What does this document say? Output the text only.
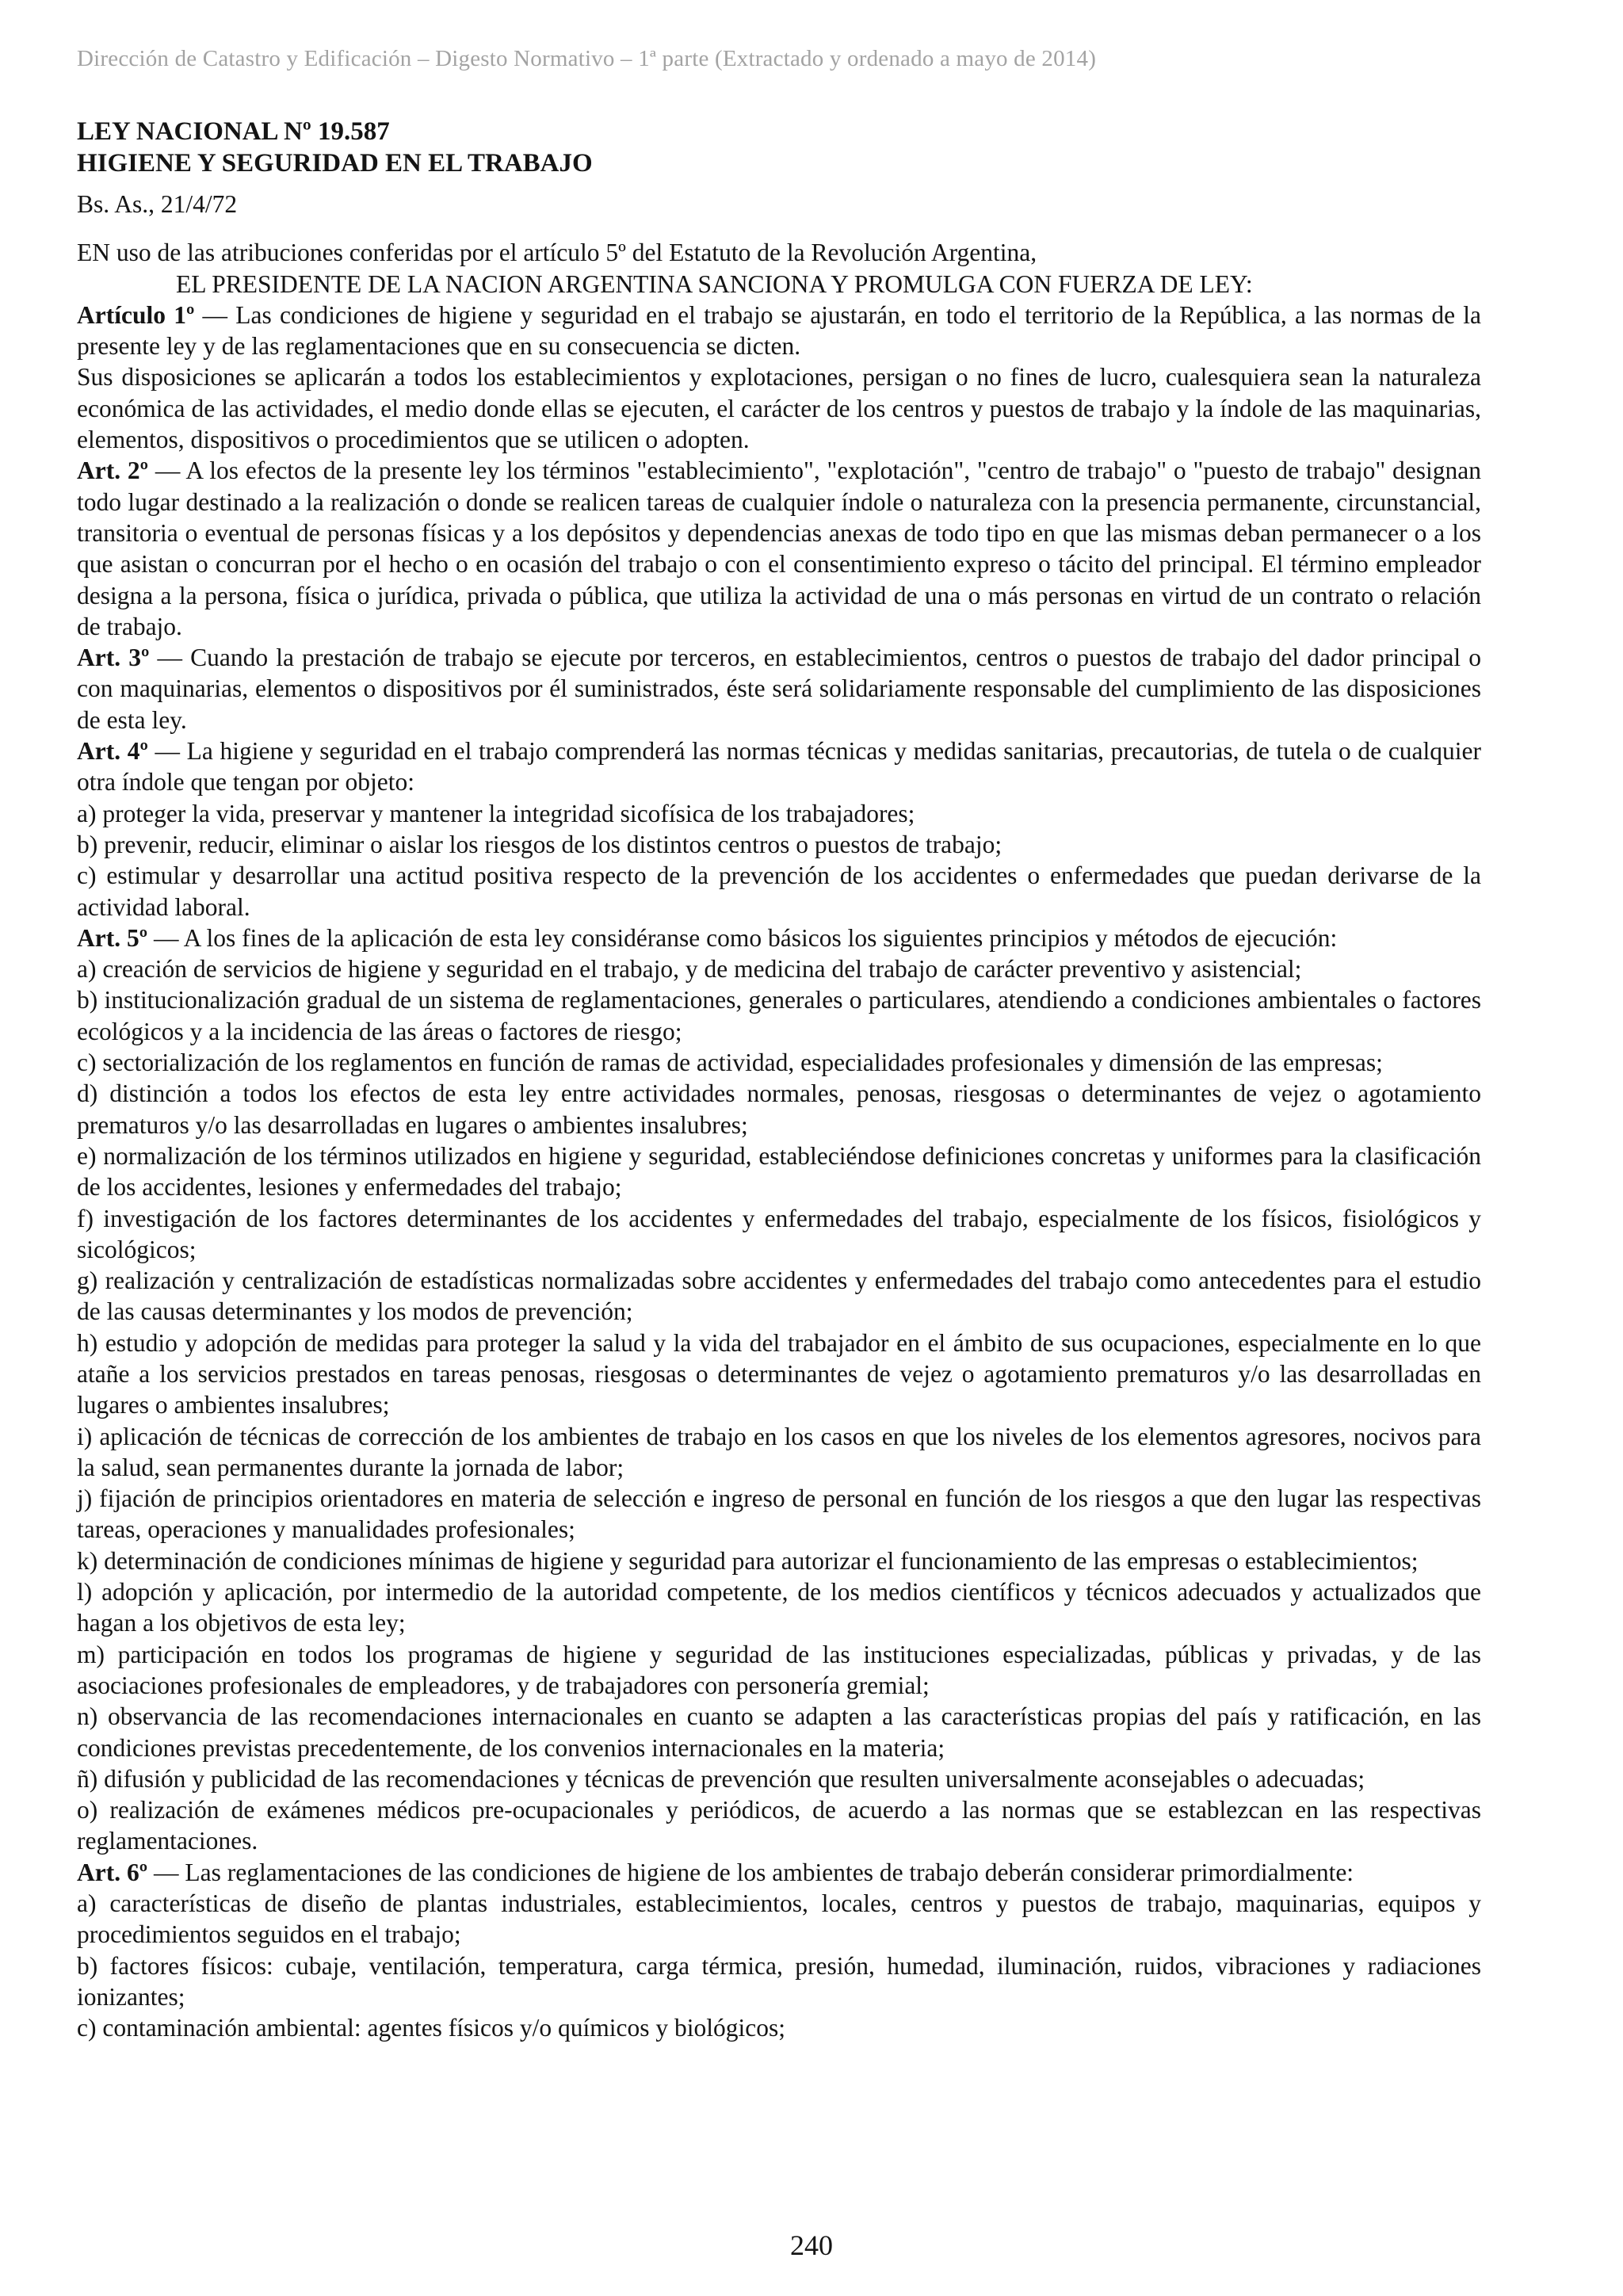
Dirección de Catastro y Edificación – Digesto Normativo – 1ª parte (Extractado y ordenado a mayo de 2014)

LEY NACIONAL Nº 19.587

HIGIENE Y SEGURIDAD EN EL TRABAJO

Bs. As., 21/4/72

EN uso de las atribuciones conferidas por el artículo 5º del Estatuto de la Revolución Argentina,

EL PRESIDENTE DE LA NACION ARGENTINA SANCIONA Y PROMULGA CON FUERZA DE LEY:

Artículo 1º — Las condiciones de higiene y seguridad en el trabajo se ajustarán, en todo el territorio de la República, a las normas de la presente ley y de las reglamentaciones que en su consecuencia se dicten.

Sus disposiciones se aplicarán a todos los establecimientos y explotaciones, persigan o no fines de lucro, cualesquiera sean la naturaleza económica de las actividades, el medio donde ellas se ejecuten, el carácter de los centros y puestos de trabajo y la índole de las maquinarias, elementos, dispositivos o procedimientos que se utilicen o adopten.

Art. 2º — A los efectos de la presente ley los términos "establecimiento", "explotación", "centro de trabajo" o "puesto de trabajo" designan todo lugar destinado a la realización o donde se realicen tareas de cualquier índole o naturaleza con la presencia permanente, circunstancial, transitoria o eventual de personas físicas y a los depósitos y dependencias anexas de todo tipo en que las mismas deban permanecer o a los que asistan o concurran por el hecho o en ocasión del trabajo o con el consentimiento expreso o tácito del principal. El término empleador designa a la persona, física o jurídica, privada o pública, que utiliza la actividad de una o más personas en virtud de un contrato o relación de trabajo.

Art. 3º — Cuando la prestación de trabajo se ejecute por terceros, en establecimientos, centros o puestos de trabajo del dador principal o con maquinarias, elementos o dispositivos por él suministrados, éste será solidariamente responsable del cumplimiento de las disposiciones de esta ley.

Art. 4º — La higiene y seguridad en el trabajo comprenderá las normas técnicas y medidas sanitarias, precautorias, de tutela o de cualquier otra índole que tengan por objeto:

a) proteger la vida, preservar y mantener la integridad sicofísica de los trabajadores;

b) prevenir, reducir, eliminar o aislar los riesgos de los distintos centros o puestos de trabajo;

c) estimular y desarrollar una actitud positiva respecto de la prevención de los accidentes o enfermedades que puedan derivarse de la actividad laboral.

Art. 5º — A los fines de la aplicación de esta ley considéranse como básicos los siguientes principios y métodos de ejecución:

a) creación de servicios de higiene y seguridad en el trabajo, y de medicina del trabajo de carácter preventivo y asistencial;

b) institucionalización gradual de un sistema de reglamentaciones, generales o particulares, atendiendo a condiciones ambientales o factores ecológicos y a la incidencia de las áreas o factores de riesgo;

c) sectorialización de los reglamentos en función de ramas de actividad, especialidades profesionales y dimensión de las empresas;

d) distinción a todos los efectos de esta ley entre actividades normales, penosas, riesgosas o determinantes de vejez o agotamiento prematuros y/o las desarrolladas en lugares o ambientes insalubres;

e) normalización de los términos utilizados en higiene y seguridad, estableciéndose definiciones concretas y uniformes para la clasificación de los accidentes, lesiones y enfermedades del trabajo;

f) investigación de los factores determinantes de los accidentes y enfermedades del trabajo, especialmente de los físicos, fisiológicos y sicológicos;

g) realización y centralización de estadísticas normalizadas sobre accidentes y enfermedades del trabajo como antecedentes para el estudio de las causas determinantes y los modos de prevención;

h) estudio y adopción de medidas para proteger la salud y la vida del trabajador en el ámbito de sus ocupaciones, especialmente en lo que atañe a los servicios prestados en tareas penosas, riesgosas o determinantes de vejez o agotamiento prematuros y/o las desarrolladas en lugares o ambientes insalubres;

i) aplicación de técnicas de corrección de los ambientes de trabajo en los casos en que los niveles de los elementos agresores, nocivos para la salud, sean permanentes durante la jornada de labor;

j) fijación de principios orientadores en materia de selección e ingreso de personal en función de los riesgos a que den lugar las respectivas tareas, operaciones y manualidades profesionales;

k) determinación de condiciones mínimas de higiene y seguridad para autorizar el funcionamiento de las empresas o establecimientos;

l) adopción y aplicación, por intermedio de la autoridad competente, de los medios científicos y técnicos adecuados y actualizados que hagan a los objetivos de esta ley;

m) participación en todos los programas de higiene y seguridad de las instituciones especializadas, públicas y privadas, y de las asociaciones profesionales de empleadores, y de trabajadores con personería gremial;

n) observancia de las recomendaciones internacionales en cuanto se adapten a las características propias del país y ratificación, en las condiciones previstas precedentemente, de los convenios internacionales en la materia;

ñ) difusión y publicidad de las recomendaciones y técnicas de prevención que resulten universalmente aconsejables o adecuadas;

o) realización de exámenes médicos pre-ocupacionales y periódicos, de acuerdo a las normas que se establezcan en las respectivas reglamentaciones.

Art. 6º — Las reglamentaciones de las condiciones de higiene de los ambientes de trabajo deberán considerar primordialmente:

a) características de diseño de plantas industriales, establecimientos, locales, centros y puestos de trabajo, maquinarias, equipos y procedimientos seguidos en el trabajo;

b) factores físicos: cubaje, ventilación, temperatura, carga térmica, presión, humedad, iluminación, ruidos, vibraciones y radiaciones ionizantes;

c) contaminación ambiental: agentes físicos y/o químicos y biológicos;

240
